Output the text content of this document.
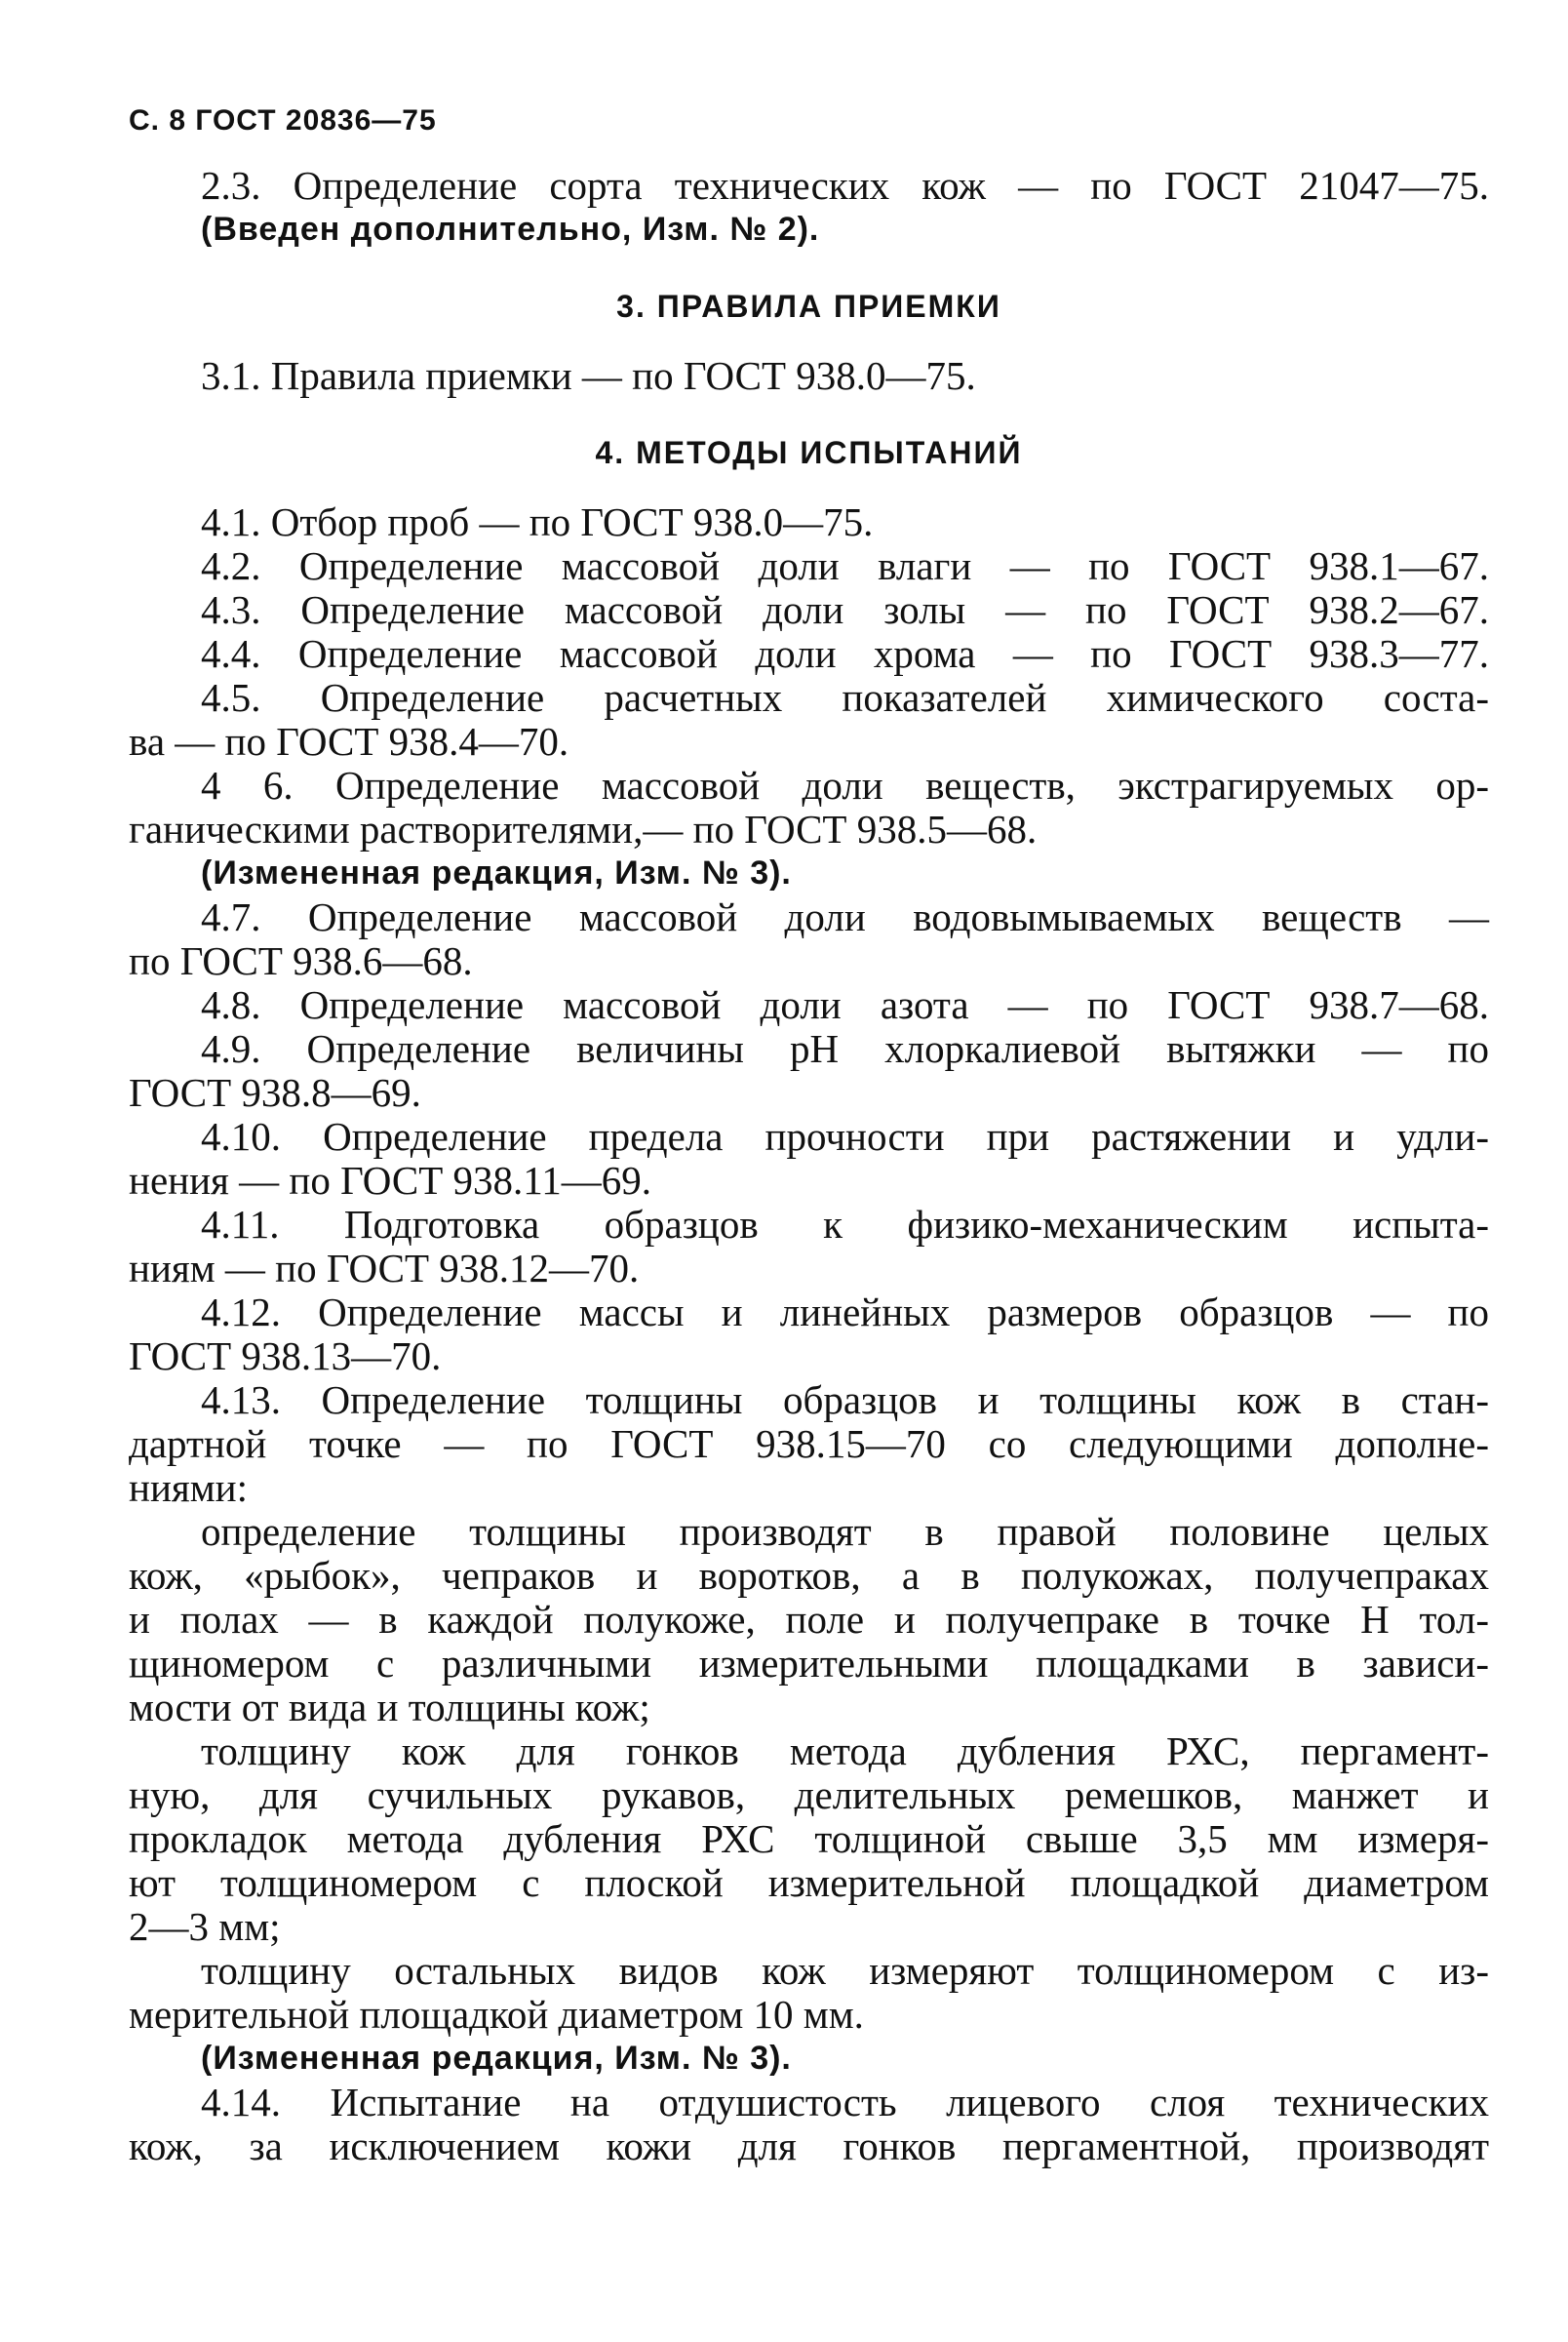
С. 8 ГОСТ 20836—75
2.3. Определение сорта технических кож — по ГОСТ 21047—75.
(Введен дополнительно, Изм. № 2).
3. ПРАВИЛА ПРИЕМКИ
3.1. Правила приемки — по ГОСТ 938.0—75.
4. МЕТОДЫ ИСПЫТАНИЙ
4.1. Отбор проб — по ГОСТ 938.0—75.
4.2. Определение массовой доли влаги — по ГОСТ 938.1—67.
4.3. Определение массовой доли золы — по ГОСТ 938.2—67.
4.4. Определение массовой доли хрома — по ГОСТ 938.3—77.
4.5. Определение расчетных показателей химического соста-
ва — по ГОСТ 938.4—70.
4 6. Определение массовой доли веществ, экстрагируемых ор-
ганическими растворителями,— по ГОСТ 938.5—68.
(Измененная редакция, Изм. № 3).
4.7. Определение массовой доли водовымываемых веществ —
по ГОСТ 938.6—68.
4.8. Определение массовой доли азота — по ГОСТ 938.7—68.
4.9. Определение величины pH хлоркалиевой вытяжки — по
ГОСТ 938.8—69.
4.10. Определение предела прочности при растяжении и удли-
нения — по ГОСТ 938.11—69.
4.11. Подготовка образцов к физико-механическим испыта-
ниям — по ГОСТ 938.12—70.
4.12. Определение массы и линейных размеров образцов — по
ГОСТ 938.13—70.
4.13. Определение толщины образцов и толщины кож в стан-
дартной точке — по ГОСТ 938.15—70 со следующими дополне-
ниями:
определение толщины производят в правой половине целых
кож, «рыбок», чепраков и воротков, а в полукожах, получепраках
и полах — в каждой полукоже, поле и получепраке в точке Н тол-
щиномером с различными измерительными площадками в зависи-
мости от вида и толщины кож;
толщину кож для гонков метода дубления РХС, пергамент-
ную, для сучильных рукавов, делительных ремешков, манжет и
прокладок метода дубления РХС толщиной свыше 3,5 мм измеря-
ют толщиномером с плоской измерительной площадкой диаметром
2—3 мм;
толщину остальных видов кож измеряют толщиномером с из-
мерительной площадкой диаметром 10 мм.
(Измененная редакция, Изм. № 3).
4.14. Испытание на отдушистость лицевого слоя технических
кож, за исключением кожи для гонков пергаментной, производят
